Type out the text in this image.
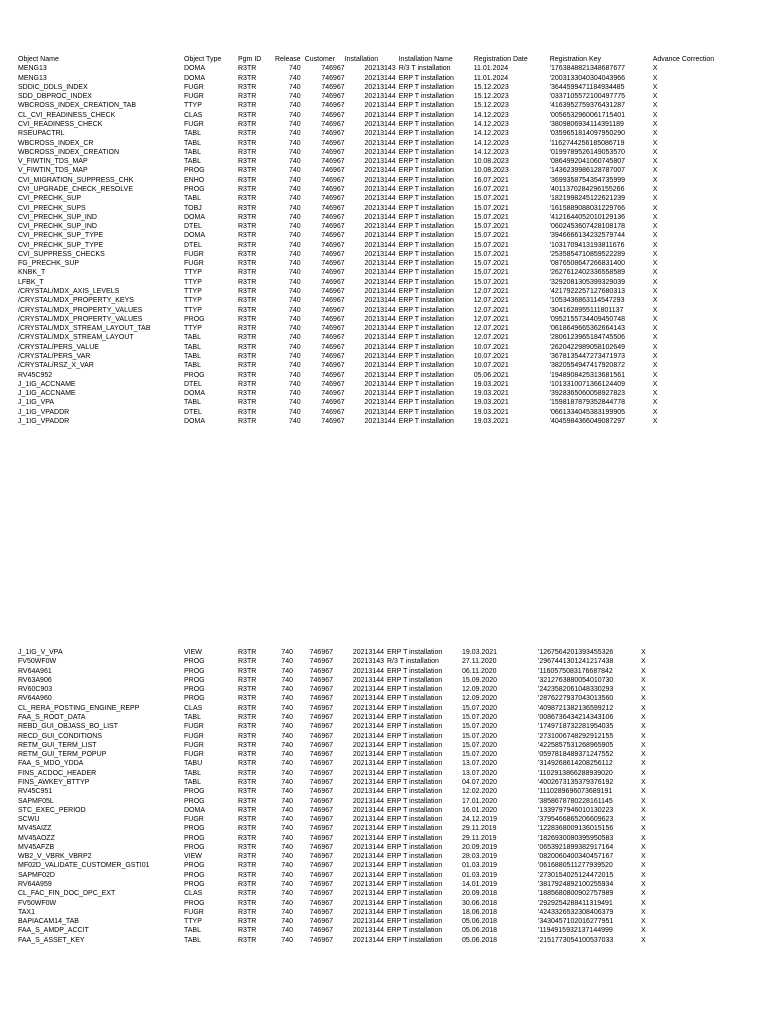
Object Name	Object Type	Pgm ID	Release	Customer	Installation	Installation Name	Registration Date	Registration Key	Advance Correction
MENG13	DOMA	R3TR	740	746967	20213143	R/3 T installation	11.01.2024	'1763848821348687677	X
MENG13	DOMA	R3TR	740	746967	20213144	ERP T installation	11.01.2024	'2003133040304043966	X
SDDIC_DDLS_INDEX	FUGR	R3TR	740	746967	20213144	ERP T installation	15.12.2023	'3644599471184934485	X
SDD_DBPROC_INDEX	FUGR	R3TR	740	746967	20213144	ERP T installation	15.12.2023	'0337105572100497775	X
WBCROSS_INDEX_CREATION_TAB	TTYP	R3TR	740	746967	20213144	ERP T installation	15.12.2023	'4163952759376431287	X
CL_CVI_READINESS_CHECK	CLAS	R3TR	740	746967	20213144	ERP T installation	14.12.2023	'0056532960061715401	X
CVI_READINESS_CHECK	FUGR	R3TR	740	746967	20213144	ERP T installation	14.12.2023	'3809806934114391189	X
RSEUPACTRL	TABL	R3TR	740	746967	20213144	ERP T installation	14.12.2023	'0359651814097950290	X
WBCROSS_INDEX_CR	TABL	R3TR	740	746967	20213144	ERP T installation	14.12.2023	'1162744256185086719	X
WBCROSS_INDEX_CREATION	TABL	R3TR	740	746967	20213144	ERP T installation	14.12.2023	'0199789526149053570	X
V_FIWTIN_TDS_MAP	TABL	R3TR	740	746967	20213144	ERP T installation	10.08.2023	'0864992041060745807	X
V_FIWTIN_TDS_MAP	PROG	R3TR	740	746967	20213144	ERP T installation	10.08.2023	'1436239986128787007	X
CVI_MIGRATION_SUPPRESS_CHK	ENHO	R3TR	740	746967	20213144	ERP T installation	16.07.2021	'3699358754354735999	X
CVI_UPGRADE_CHECK_RESOLVE	PROG	R3TR	740	746967	20213144	ERP T installation	16.07.2021	'4011370284296155266	X
CVI_PRECHK_SUP	TABL	R3TR	740	746967	20213144	ERP T installation	15.07.2021	'1821998245122621239	X
CVI_PRECHK_SUPS	TOBJ	R3TR	740	746967	20213144	ERP T installation	15.07.2021	'1615889088031229766	X
CVI_PRECHK_SUP_IND	DOMA	R3TR	740	746967	20213144	ERP T installation	15.07.2021	'4121644052010129136	X
CVI_PRECHK_SUP_IND	DTEL	R3TR	740	746967	20213144	ERP T installation	15.07.2021	'0602453607428108178	X
CVI_PRECHK_SUP_TYPE	DOMA	R3TR	740	746967	20213144	ERP T installation	15.07.2021	'3946666134232579744	X
CVI_PRECHK_SUP_TYPE	DTEL	R3TR	740	746967	20213144	ERP T installation	15.07.2021	'1031709413193811676	X
CVI_SUPPRESS_CHECKS	FUGR	R3TR	740	746967	20213144	ERP T installation	15.07.2021	'2535854710859522289	X
FG_PRECHK_SUP	FUGR	R3TR	740	746967	20213144	ERP T installation	15.07.2021	'0876508647266831400	X
KNBK_T	TTYP	R3TR	740	746967	20213144	ERP T installation	15.07.2021	'2627612402336558589	X
LFBK_T	TTYP	R3TR	740	746967	20213144	ERP T installation	15.07.2021	'3292081305399329039	X
/CRYSTAL/MDX_AXIS_LEVELS	TTYP	R3TR	740	746967	20213144	ERP T installation	12.07.2021	'4217922257127680313	X
/CRYSTAL/MDX_PROPERTY_KEYS	TTYP	R3TR	740	746967	20213144	ERP T installation	12.07.2021	'1053436863114547293	X
/CRYSTAL/MDX_PROPERTY_VALUES	TTYP	R3TR	740	746967	20213144	ERP T installation	12.07.2021	'3041628955111801137	X
/CRYSTAL/MDX_PROPERTY_VALUES	PROG	R3TR	740	746967	20213144	ERP T installation	12.07.2021	'0952155734409450748	X
/CRYSTAL/MDX_STREAM_LAYOUT_TAB	TTYP	R3TR	740	746967	20213144	ERP T installation	12.07.2021	'0618649665362664143	X
/CRYSTAL/MDX_STREAM_LAYOUT	TABL	R3TR	740	746967	20213144	ERP T installation	12.07.2021	'2806123965184745506	X
/CRYSTAL/PERS_VALUE	TABL	R3TR	740	746967	20213144	ERP T installation	10.07.2021	'2620422989058102649	X
/CRYSTAL/PERS_VAR	TABL	R3TR	740	746967	20213144	ERP T installation	10.07.2021	'3678135447273471973	X
/CRYSTAL/RSZ_X_VAR	TABL	R3TR	740	746967	20213144	ERP T installation	10.07.2021	'3820554947417920872	X
RV45C952	PROG	R3TR	740	746967	20213144	ERP T installation	05.06.2021	'1948908425313681561	X
J_1IG_ACCNAME	DTEL	R3TR	740	746967	20213144	ERP T installation	19.03.2021	'1013310071366124409	X
J_1IG_ACCNAME	DOMA	R3TR	740	746967	20213144	ERP T installation	19.03.2021	'3928365060058927823	X
J_1IG_VPA	TABL	R3TR	740	746967	20213144	ERP T installation	19.03.2021	'1598187879352844778	X
J_1IG_VPADDR	DTEL	R3TR	740	746967	20213144	ERP T installation	19.03.2021	'0661334045383199905	X
J_1IG_VPADDR	DOMA	R3TR	740	746967	20213144	ERP T installation	19.03.2021	'4045984366049087297	X
J_1IG_V_VPA	VIEW	R3TR	740	746967	20213144	ERP T installation	19.03.2021	'1267564201393455326	X
FV50WF0W	PROG	R3TR	740	746967	20213143	R/3 T installation	27.11.2020	'2967441301241217438	X
RV64A961	PROG	R3TR	740	746967	20213144	ERP T installation	06.11.2020	'1160575083176687842	X
RV63A906	PROG	R3TR	740	746967	20213144	ERP T installation	15.09.2020	'3212763880054010730	X
RV60C903	PROG	R3TR	740	746967	20213144	ERP T installation	12.09.2020	'2423582061048330293	X
RV64A960	PROG	R3TR	740	746967	20213144	ERP T installation	12.09.2020	'2876227937043013560	X
CL_RERA_POSTING_ENGINE_REPP	CLAS	R3TR	740	746967	20213144	ERP T installation	15.07.2020	'4098721382136599212	X
FAA_S_ROOT_DATA	TABL	R3TR	740	746967	20213144	ERP T installation	15.07.2020	'0086736434214343106	X
REBD_GUI_OBJASS_BO_LIST	FUGR	R3TR	740	746967	20213144	ERP T installation	15.07.2020	'1749718732281954035	X
RECD_GUI_CONDITIONS	FUGR	R3TR	740	746967	20213144	ERP T installation	15.07.2020	'2731006748292912155	X
RETM_GUI_TERM_LIST	FUGR	R3TR	740	746967	20213144	ERP T installation	15.07.2020	'4225857531268965905	X
RETM_GUI_TERM_POPUP	FUGR	R3TR	740	746967	20213144	ERP T installation	15.07.2020	'0597818489371247552	X
FAA_S_MDO_YDDA	TABU	R3TR	740	746967	20213144	ERP T installation	13.07.2020	'3149268614208256112	X
FINS_ACDOC_HEADER	TABL	R3TR	740	746967	20213144	ERP T installation	13.07.2020	'1102913866288939020	X
FINS_AWKEY_BTTYP	TABL	R3TR	740	746967	20213144	ERP T installation	04.07.2020	'4002673135379376192	X
RV45C951	PROG	R3TR	740	746967	20213144	ERP T installation	12.02.2020	'1110289696073689191	X
SAPMF05L	PROG	R3TR	740	746967	20213144	ERP T installation	17.01.2020	'3858678780228161145	X
STC_EXEC_PERIOD	DOMA	R3TR	740	746967	20213144	ERP T installation	16.01.2020	'1339797946010130223	X
SCWU	FUGR	R3TR	740	746967	20213144	ERP T installation	24.12.2019	'3795466865206609623	X
MV45AIZZ	PROG	R3TR	740	746967	20213144	ERP T installation	29.11.2019	'1228368009136015156	X
MV45AOZZ	PROG	R3TR	740	746967	20213144	ERP T installation	29.11.2019	'1826930080395950583	X
MV45AFZB	PROG	R3TR	740	746967	20213144	ERP T installation	20.09.2019	'0653921899382917164	X
WB2_V_VBRK_VBRP2	VIEW	R3TR	740	746967	20213144	ERP T installation	28.03.2019	'0820060400340457167	X
MF02D_VALIDATE_CUSTOMER_GSTI01	PROG	R3TR	740	746967	20213144	ERP T installation	01.03.2019	'0616880511277939520	X
SAPMF02D	PROG	R3TR	740	746967	20213144	ERP T installation	01.03.2019	'2730154025124472015	X
RV64A959	PROG	R3TR	740	746967	20213144	ERP T installation	14.01.2019	'3817924892100255934	X
CL_FAC_FIN_DOC_DPC_EXT	CLAS	R3TR	740	746967	20213144	ERP T installation	20.09.2018	'1885680800902757989	X
FV50WF0W	PROG	R3TR	740	746967	20213144	ERP T installation	30.06.2018	'2929254288411319491	X
TAX1	FUGR	R3TR	740	746967	20213144	ERP T installation	18.06.2018	'4243326532308406379	X
BAPIACAM14_TAB	TTYP	R3TR	740	746967	20213144	ERP T installation	05.06.2018	'3430457102016277951	X
FAA_S_AMDP_ACCIT	TABL	R3TR	740	746967	20213144	ERP T installation	05.06.2018	'1194915932137144999	X
FAA_S_ASSET_KEY	TABL	R3TR	740	746967	20213144	ERP T installation	05.06.2018	'2151773054100537033	X
